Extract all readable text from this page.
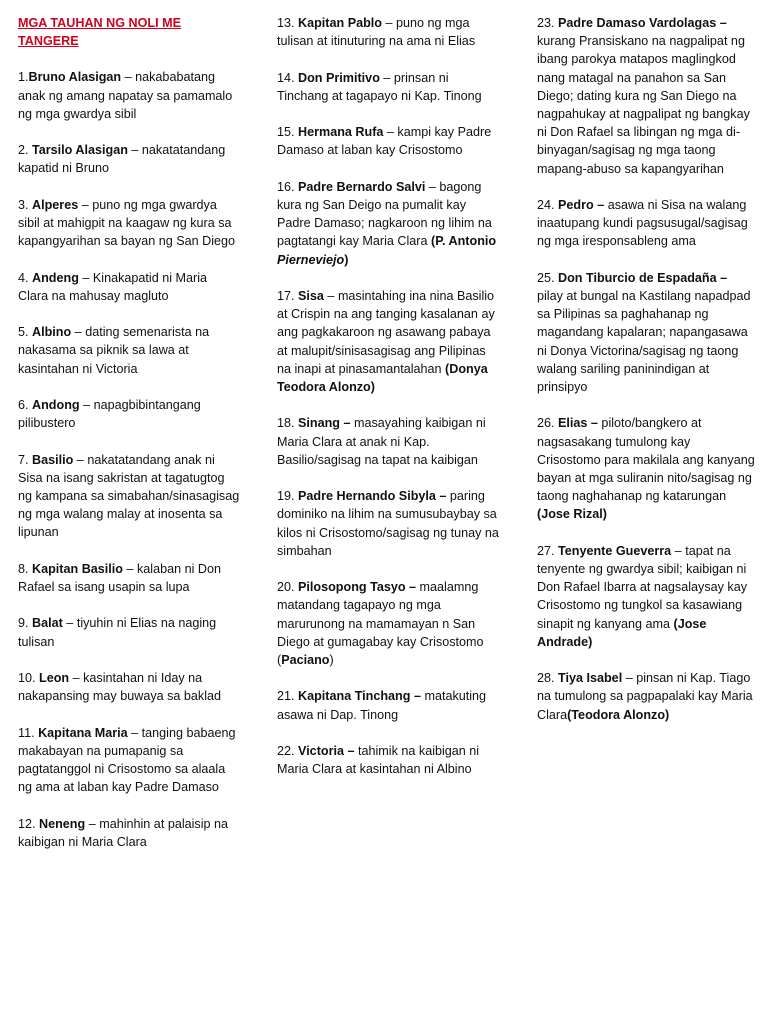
MGA TAUHAN NG NOLI ME TANGERE
1.Bruno Alasigan – nakababatang anak ng amang napatay sa pamamalo ng mga gwardya sibil
2. Tarsilo Alasigan – nakatatandang kapatid ni Bruno
3. Alperes – puno ng mga gwardya sibil at mahigpit na kaagaw ng kura sa kapangyarihan sa bayan ng San Diego
4. Andeng – Kinakapatid ni Maria Clara na mahusay magluto
5. Albino – dating semenarista na nakasama sa piknik sa lawa at kasintahan ni Victoria
6. Andong – napagbibintangang pilibustero
7. Basilio – nakatatandang anak ni Sisa na isang sakristan at tagatugtog ng kampana sa simabahan/sinasagisag ng mga walang malay at inosenta sa lipunan
8. Kapitan Basilio – kalaban ni Don Rafael sa isang usapin sa lupa
9. Balat – tiyuhin ni Elias na naging tulisan
10. Leon – kasintahan ni Iday na nakapansing may buwaya sa baklad
11. Kapitana Maria – tanging babaeng makabayan na pumapanig sa pagtatanggol ni Crisostomo sa alaala ng ama at laban kay Padre Damaso
12. Neneng – mahinhin at palaisip na kaibigan ni Maria Clara
13. Kapitan Pablo – puno ng mga tulisan at itinuturing na ama ni Elias
14. Don Primitivo – prinsan ni Tinchang at tagapayo ni Kap. Tinong
15. Hermana Rufa – kampi kay Padre Damaso at laban kay Crisostomo
16. Padre Bernardo Salvi – bagong kura ng San Deigo na pumalit kay Padre Damaso; nagkaroon ng lihim na pagtatangi kay Maria Clara (P. Antonio Pierneviejo)
17. Sisa – masintahing ina nina Basilio at Crispin na ang tanging kasalanan ay ang pagkakaroon ng asawang pabaya at malupit/sinisasagisag ang Pilipinas na inapi at pinasamantalahan (Donya Teodora Alonzo)
18. Sinang – masayahing kaibigan ni Maria Clara at anak ni Kap. Basilio/sagisag na tapat na kaibigan
19. Padre Hernando Sibyla – paring dominiko na lihim na sumusubaybay sa kilos ni Crisostomo/sagisag ng tunay na simbahan
20. Pilosopong Tasyo – maalamng matandang tagapayo ng mga marurunong na mamamayan n San Diego at gumagabay kay Crisostomo (Paciano)
21. Kapitana Tinchang – matakuting asawa ni Dap. Tinong
22. Victoria – tahimik na kaibigan ni Maria Clara at kasintahan ni Albino
23. Padre Damaso Vardolagas – kurang Pransiskano na nagpalipat ng ibang parokya matapos maglingkod nang matagal na panahon sa San Diego; dating kura ng San Diego na nagpahukay at nagpalipat ng bangkay ni Don Rafael sa libingan ng mga di-binyagan/sagisag ng mga taong mapang-abuso sa kapangyarihan
24. Pedro – asawa ni Sisa na walang inaatupang kundi pagsusugal/sagisag ng mga iresponsableng ama
25. Don Tiburcio de Espadaña – pilay at bungal na Kastilang napadpad sa Pilipinas sa paghahanap ng magandang kapalaran; napangasawa ni Donya Victorina/sagisag ng taong walang sariling paninindigan at prinsipyo
26. Elias – piloto/bangkero at nagsasakang tumulong kay Crisostomo para makilala ang kanyang bayan at mga suliranin nito/sagisag ng taong naghahanap ng katarungan (Jose Rizal)
27. Tenyente Gueverra – tapat na tenyente ng gwardya sibil; kaibigan ni Don Rafael Ibarra at nagsalaysay kay Crisostomo ng tungkol sa kasawiang sinapit ng kanyang ama (Jose Andrade)
28. Tiya Isabel – pinsan ni Kap. Tiago na tumulong sa pagpapalaki kay Maria Clara(Teodora Alonzo)
